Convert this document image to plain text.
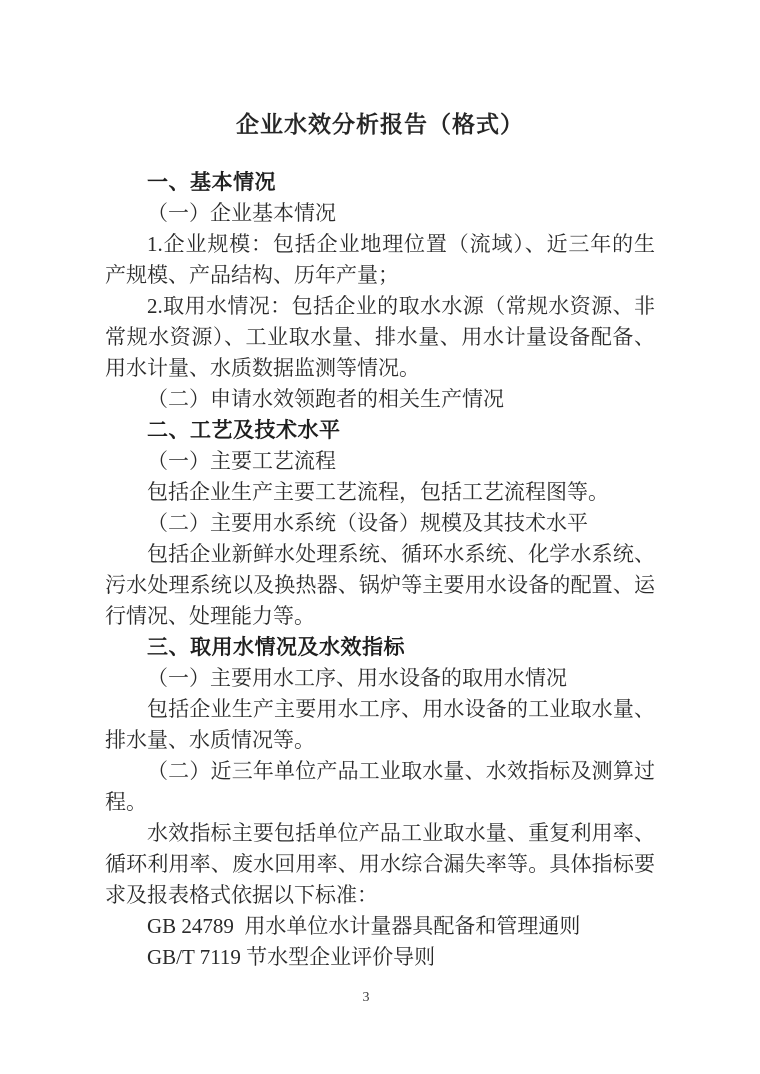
企业水效分析报告（格式）

一、基本情况

（一）企业基本情况

1.企业规模：包括企业地理位置（流域）、近三年的生产规模、产品结构、历年产量；

2.取用水情况：包括企业的取水水源（常规水资源、非常规水资源）、工业取水量、排水量、用水计量设备配备、用水计量、水质数据监测等情况。

（二）申请水效领跑者的相关生产情况

二、工艺及技术水平

（一）主要工艺流程

包括企业生产主要工艺流程，包括工艺流程图等。

（二）主要用水系统（设备）规模及其技术水平

包括企业新鲜水处理系统、循环水系统、化学水系统、污水处理系统以及换热器、锅炉等主要用水设备的配置、运行情况、处理能力等。

三、取用水情况及水效指标

（一）主要用水工序、用水设备的取用水情况

包括企业生产主要用水工序、用水设备的工业取水量、排水量、水质情况等。

（二）近三年单位产品工业取水量、水效指标及测算过程。

水效指标主要包括单位产品工业取水量、重复利用率、循环利用率、废水回用率、用水综合漏失率等。具体指标要求及报表格式依据以下标准：

GB 24789  用水单位水计量器具配备和管理通则

GB/T 7119 节水型企业评价导则

3
